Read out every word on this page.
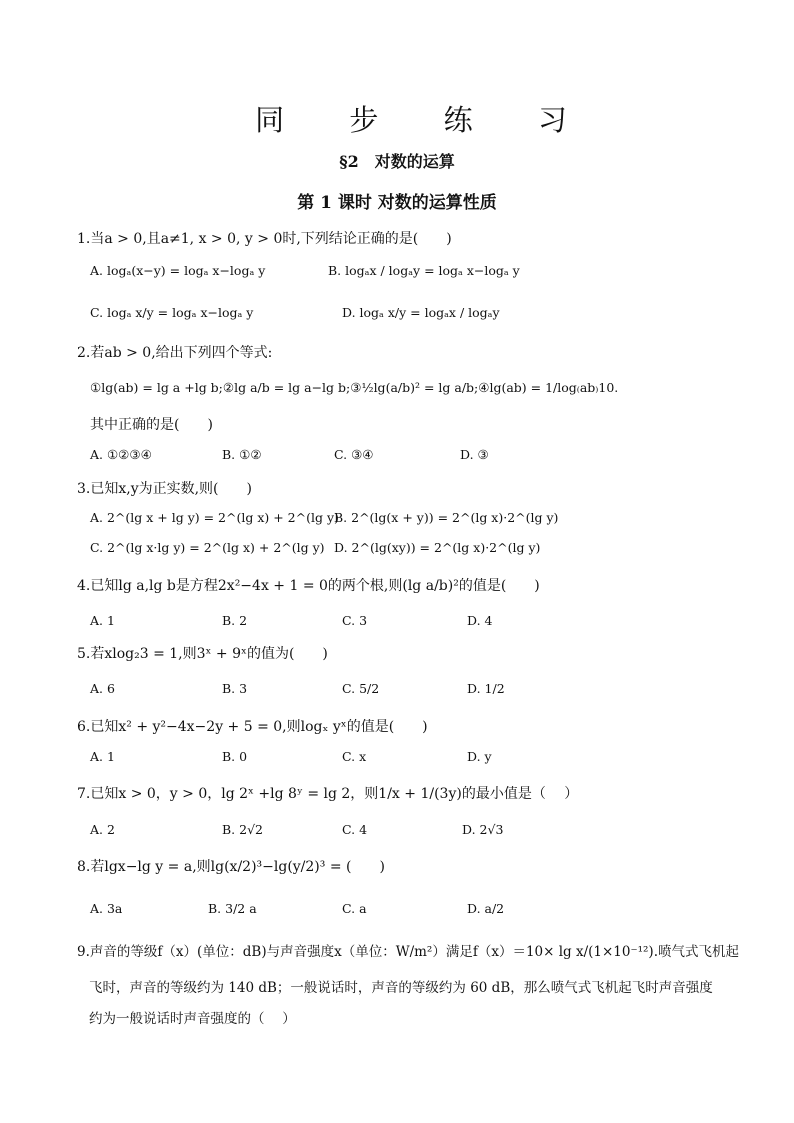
同 步 练 习
§2　对数的运算
第 1 课时 对数的运算性质
1.当a > 0,且a≠1, x > 0, y > 0时,下列结论正确的是(　　)
A. logₐ(x−y) = logₐ x−logₐ y	B. logₐx / logₐy = logₐ x−logₐ y
C. logₐ x/y = logₐ x−logₐ y	D. logₐ x/y = logₐx / logₐy
2.若ab > 0,给出下列四个等式:
①lg(ab) = lg a +lg b;②lg a/b = lg a−lg b;③½lg(a/b)² = lg a/b;④lg(ab) = 1/log₍ab₎10.
其中正确的是(　　)
A. ①②③④	B. ①②	C. ③④	D. ③
3.已知x,y为正实数,则(　　)
A. 2^(lg x + lg y) = 2^(lg x) + 2^(lg y)
B. 2^(lg(x + y)) = 2^(lg x)·2^(lg y)
C. 2^(lg x·lg y) = 2^(lg x) + 2^(lg y) D. 2^(lg(xy)) = 2^(lg x)·2^(lg y)
4.已知lg a,lg b是方程2x²−4x + 1 = 0的两个根,则(lg a/b)²的值是(　　)
A. 1	B. 2	C. 3	D. 4
5.若xlog₂3 = 1,则3ˣ + 9ˣ的值为(　　)
A. 6	B. 3	C. 5/2	D. 1/2
6.已知x² + y²−4x−2y + 5 = 0,则logₓ yˣ的值是(　　)
A. 1	B. 0	C. x	D. y
7.已知x > 0，y > 0，lg 2ˣ +lg 8ʸ = lg 2，则1/x + 1/(3y)的最小值是（　 ）
A. 2	B. 2√2	C. 4	D. 2√3
8.若lgx−lg y = a,则lg(x/2)³−lg(y/2)³ = (　　)
A. 3a	B. 3/2 a	C. a	D. a/2
9.声音的等级f（x）(单位：dB)与声音强度x（单位：W/m²）满足f（x）＝10× lg x/(1×10⁻¹²).喷气式飞机起
飞时，声音的等级约为 140 dB；一般说话时，声音的等级约为 60 dB，那么喷气式飞机起飞时声音强度
约为一般说话时声音强度的（　 ）
